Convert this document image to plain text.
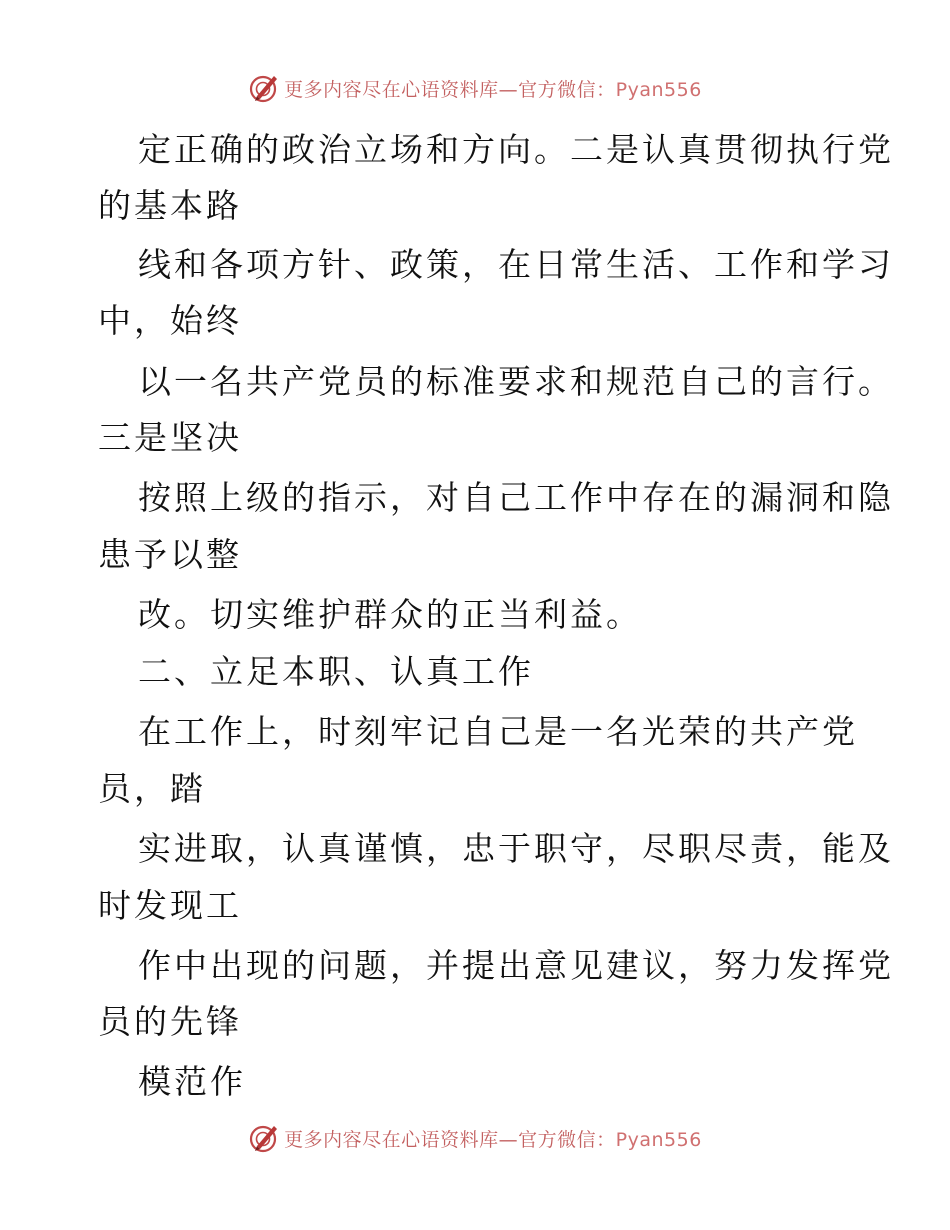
更多内容尽在心语资料库—官方微信：Pyan556
定正确的政治立场和方向。二是认真贯彻执行党
的基本路
线和各项方针、政策，在日常生活、工作和学习
中，始终
以一名共产党员的标准要求和规范自己的言行。
三是坚决
按照上级的指示，对自己工作中存在的漏洞和隐
患予以整
改。切实维护群众的正当利益。
二、立足本职、认真工作
在工作上，时刻牢记自己是一名光荣的共产党
员，踏
实进取，认真谨慎，忠于职守，尽职尽责，能及
时发现工
作中出现的问题，并提出意见建议，努力发挥党
员的先锋
模范作
更多内容尽在心语资料库—官方微信：Pyan556
